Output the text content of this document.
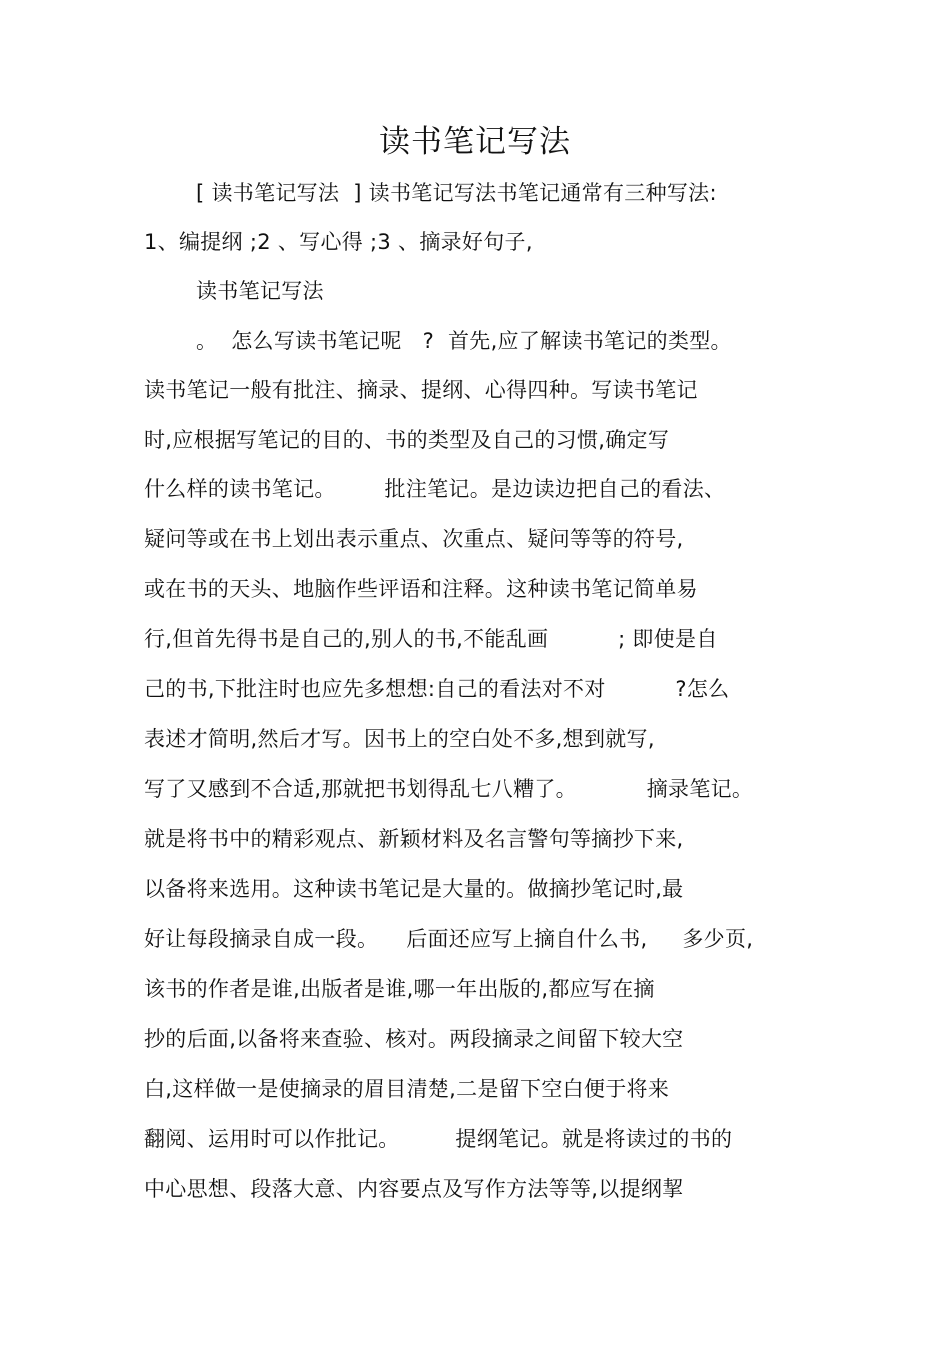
读书笔记写法
[ 读书笔记写法  ] 读书笔记写法书笔记通常有三种写法:
1、编提纲 ;2 、写心得 ;3 、摘录好句子,
读书笔记写法
。  怎么写读书笔记呢   ?  首先,应了解读书笔记的类型。
读书笔记一般有批注、摘录、提纲、心得四种。写读书笔记
时,应根据写笔记的目的、书的类型及自己的习惯,确定写
什么样的读书笔记。       批注笔记。是边读边把自己的看法、
疑问等或在书上划出表示重点、次重点、疑问等等的符号,
或在书的天头、地脑作些评语和注释。这种读书笔记简单易
行,但首先得书是自己的,别人的书,不能乱画          ; 即使是自
己的书,下批注时也应先多想想:自己的看法对不对          ?怎么
表述才简明,然后才写。因书上的空白处不多,想到就写,
写了又感到不合适,那就把书划得乱七八糟了。          摘录笔记。
就是将书中的精彩观点、新颖材料及名言警句等摘抄下来,
以备将来选用。这种读书笔记是大量的。做摘抄笔记时,最
好让每段摘录自成一段。    后面还应写上摘自什么书,     多少页,
该书的作者是谁,出版者是谁,哪一年出版的,都应写在摘
抄的后面,以备将来查验、核对。两段摘录之间留下较大空
白,这样做一是使摘录的眉目清楚,二是留下空白便于将来
翻阅、运用时可以作批记。        提纲笔记。就是将读过的书的
中心思想、段落大意、内容要点及写作方法等等,以提纲挈
